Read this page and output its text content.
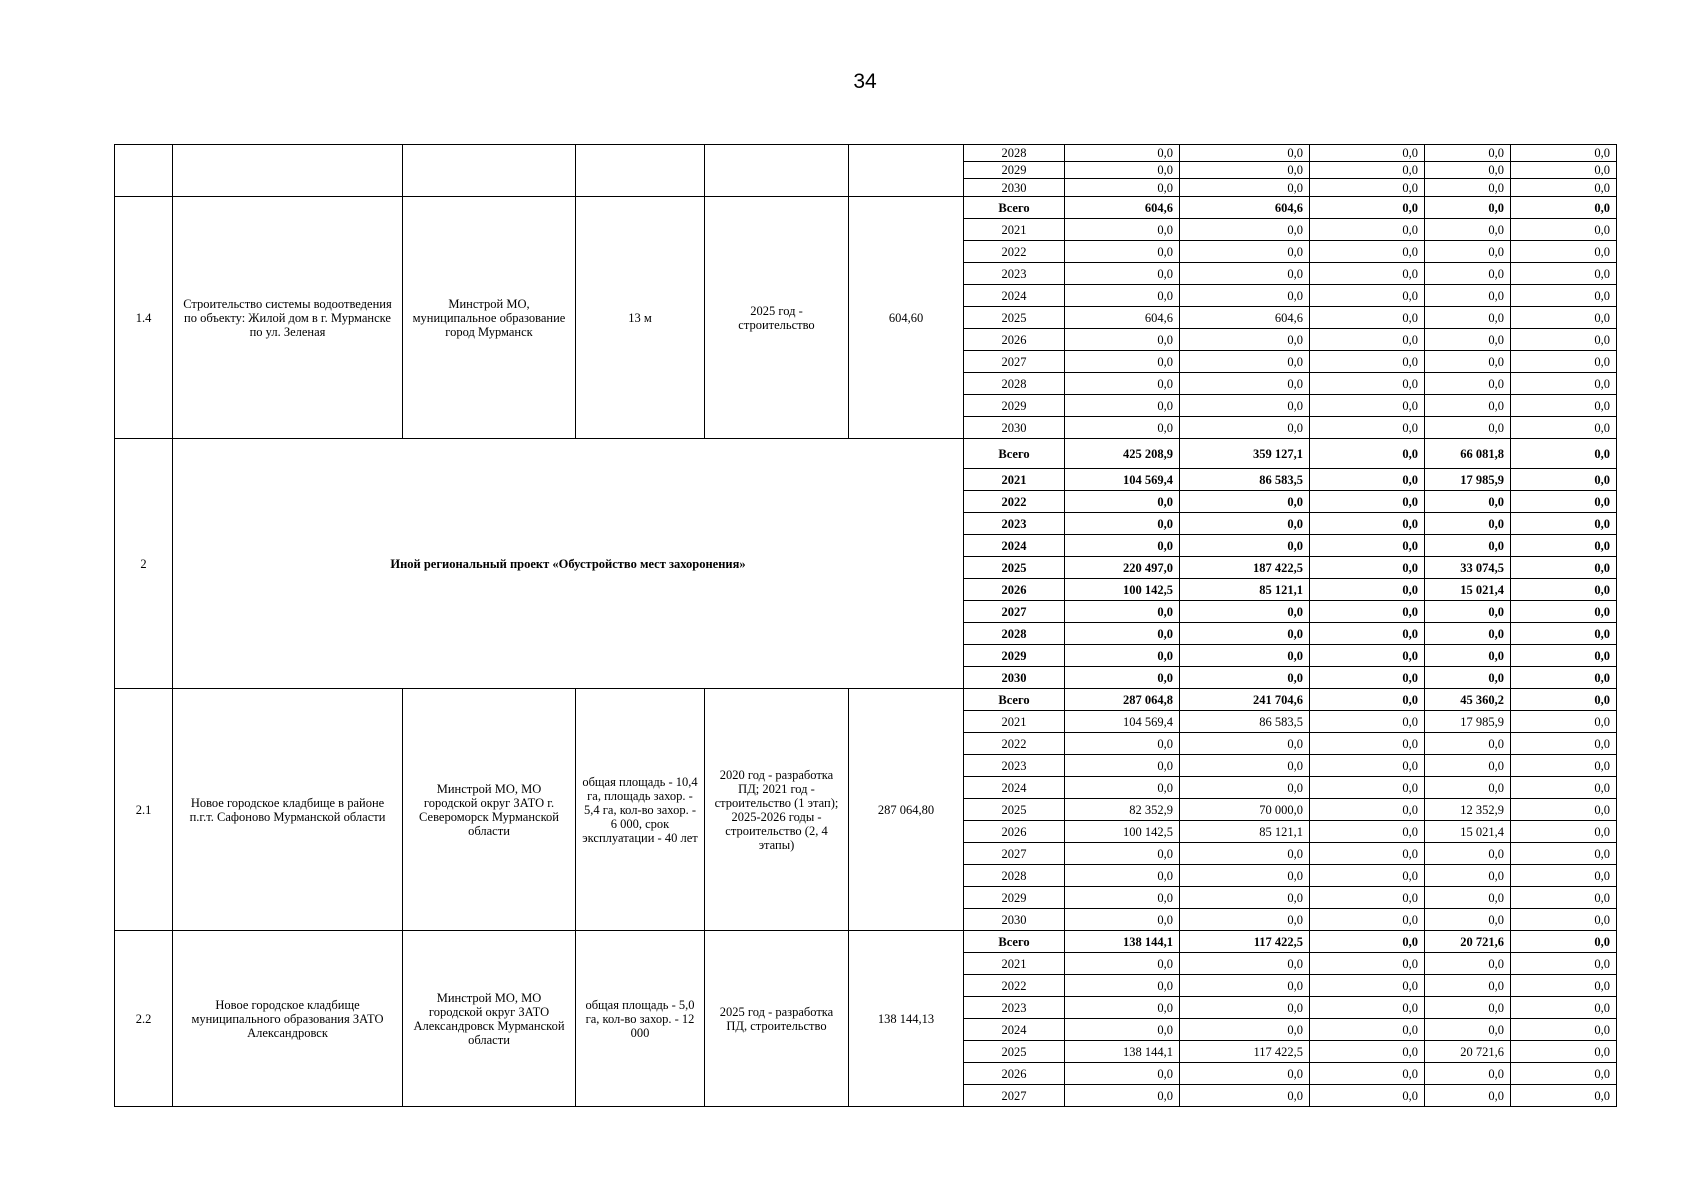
34
						2028	0,0	0,0	0,0	0,0	0,0
						2029	0,0	0,0	0,0	0,0	0,0
						2030	0,0	0,0	0,0	0,0	0,0
1.4	Строительство системы водоотведения по объекту: Жилой дом в г. Мурманске по ул. Зеленая	Минстрой МО, муниципальное образование город Мурманск	13 м	2025 год - строительство	604,60	Всего	604,6	604,6	0,0	0,0	0,0
						2021	0,0	0,0	0,0	0,0	0,0
						2022	0,0	0,0	0,0	0,0	0,0
						2023	0,0	0,0	0,0	0,0	0,0
						2024	0,0	0,0	0,0	0,0	0,0
						2025	604,6	604,6	0,0	0,0	0,0
						2026	0,0	0,0	0,0	0,0	0,0
						2027	0,0	0,0	0,0	0,0	0,0
						2028	0,0	0,0	0,0	0,0	0,0
						2029	0,0	0,0	0,0	0,0	0,0
						2030	0,0	0,0	0,0	0,0	0,0
2	Иной региональный проект «Обустройство мест захоронения»					Всего	425 208,9	359 127,1	0,0	66 081,8	0,0
						2021	104 569,4	86 583,5	0,0	17 985,9	0,0
						2022	0,0	0,0	0,0	0,0	0,0
						2023	0,0	0,0	0,0	0,0	0,0
						2024	0,0	0,0	0,0	0,0	0,0
						2025	220 497,0	187 422,5	0,0	33 074,5	0,0
						2026	100 142,5	85 121,1	0,0	15 021,4	0,0
						2027	0,0	0,0	0,0	0,0	0,0
						2028	0,0	0,0	0,0	0,0	0,0
						2029	0,0	0,0	0,0	0,0	0,0
						2030	0,0	0,0	0,0	0,0	0,0
2.1	Новое городское кладбище в районе п.г.т. Сафоново Мурманской области	Минстрой МО, МО городской округ ЗАТО г. Североморск Мурманской области	общая площадь - 10,4 га, площадь захор. - 5,4 га, кол-во захор. - 6 000, срок эксплуатации - 40 лет	2020 год - разработка ПД; 2021 год - строительство (1 этап); 2025-2026 годы - строительство (2, 4 этапы)	287 064,80	Всего	287 064,8	241 704,6	0,0	45 360,2	0,0
						2021	104 569,4	86 583,5	0,0	17 985,9	0,0
						2022	0,0	0,0	0,0	0,0	0,0
						2023	0,0	0,0	0,0	0,0	0,0
						2024	0,0	0,0	0,0	0,0	0,0
						2025	82 352,9	70 000,0	0,0	12 352,9	0,0
						2026	100 142,5	85 121,1	0,0	15 021,4	0,0
						2027	0,0	0,0	0,0	0,0	0,0
						2028	0,0	0,0	0,0	0,0	0,0
						2029	0,0	0,0	0,0	0,0	0,0
						2030	0,0	0,0	0,0	0,0	0,0
2.2	Новое городское кладбище муниципального образования ЗАТО Александровск	Минстрой МО, МО городской округ ЗАТО Александровск Мурманской области	общая площадь - 5,0 га, кол-во захор. - 12 000	2025 год - разработка ПД, строительство	138 144,13	Всего	138 144,1	117 422,5	0,0	20 721,6	0,0
						2021	0,0	0,0	0,0	0,0	0,0
						2022	0,0	0,0	0,0	0,0	0,0
						2023	0,0	0,0	0,0	0,0	0,0
						2024	0,0	0,0	0,0	0,0	0,0
						2025	138 144,1	117 422,5	0,0	20 721,6	0,0
						2026	0,0	0,0	0,0	0,0	0,0
						2027	0,0	0,0	0,0	0,0	0,0
